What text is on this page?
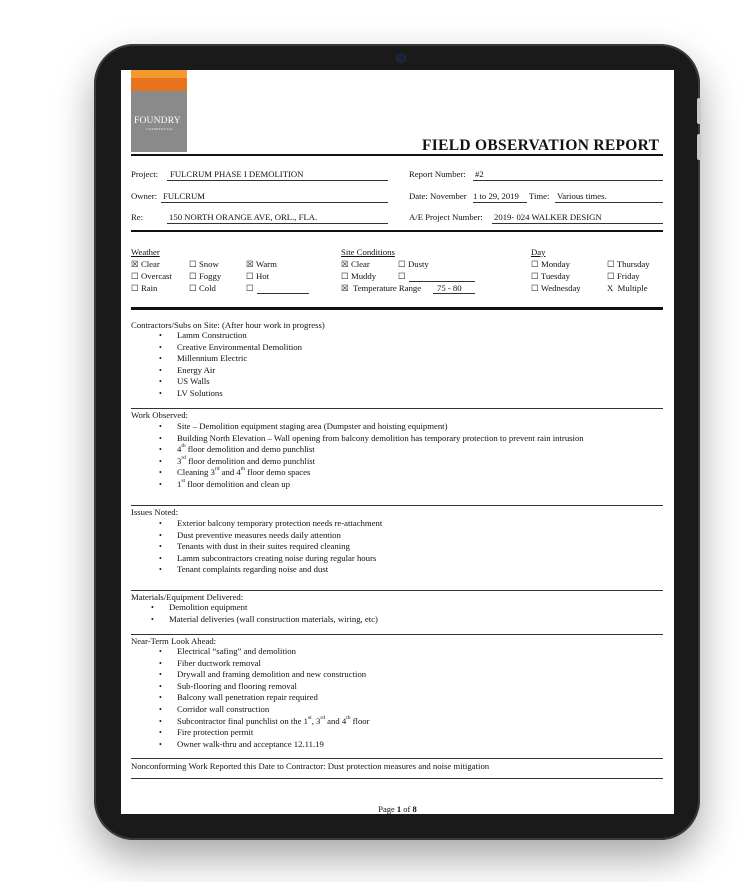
FOUNDRY
COMMERCIAL
FIELD OBSERVATION REPORT
Project: FULCRUM PHASE I DEMOLITION	Report Number: #2
Owner: FULCRUM	Date: November 1 to 29, 2019 Time: Various times.
Re:	150 NORTH ORANGE AVE, ORL., FLA.	A/E Project Number: 2019- 024 WALKER DESIGN
Weather
☒ Clear	☐ Snow	☒ Warm
☐ Overcast ☐ Foggy	☐ Hot
☐ Rain	☐ Cold	☐
Site Conditions
☒ Clear	☐ Dusty
☐ Muddy	☐
☒ Temperature Range 75 - 80
Day
☐ Monday	☐ Thursday
☐ Tuesday	☐ Friday
☐ Wednesday	X Multiple
Contractors/Subs on Site: (After hour work in progress)
• Lamm Construction
• Creative Environmental Demolition
• Millennium Electric
• Energy Air
• US Walls
• LV Solutions
Work Observed:
• Site – Demolition equipment staging area (Dumpster and hoisting equipment)
• Building North Elevation – Wall opening from balcony demolition has temporary protection to prevent rain intrusion
• 4th floor demolition and demo punchlist
• 3rd floor demolition and demo punchlist
• Cleaning 3rd and 4th floor demo spaces
• 1st floor demolition and clean up
Issues Noted:
• Exterior balcony temporary protection needs re-attachment
• Dust preventive measures needs daily attention
• Tenants with dust in their suites required cleaning
• Lamm subcontractors creating noise during regular hours
• Tenant complaints regarding noise and dust
Materials/Equipment Delivered:
• Demolition equipment
• Material deliveries (wall construction materials, wiring, etc)
Near-Term Look Ahead:
• Electrical “safing” and demolition
• Fiber ductwork removal
• Drywall and framing demolition and new construction
• Sub-flooring and flooring removal
• Balcony wall penetration repair required
• Corridor wall construction
• Subcontractor final punchlist on the 1st, 3rd and 4th floor
• Fire protection permit
• Owner walk-thru and acceptance 12.11.19
Nonconforming Work Reported this Date to Contractor: Dust protection measures and noise mitigation
Page 1 of 8
